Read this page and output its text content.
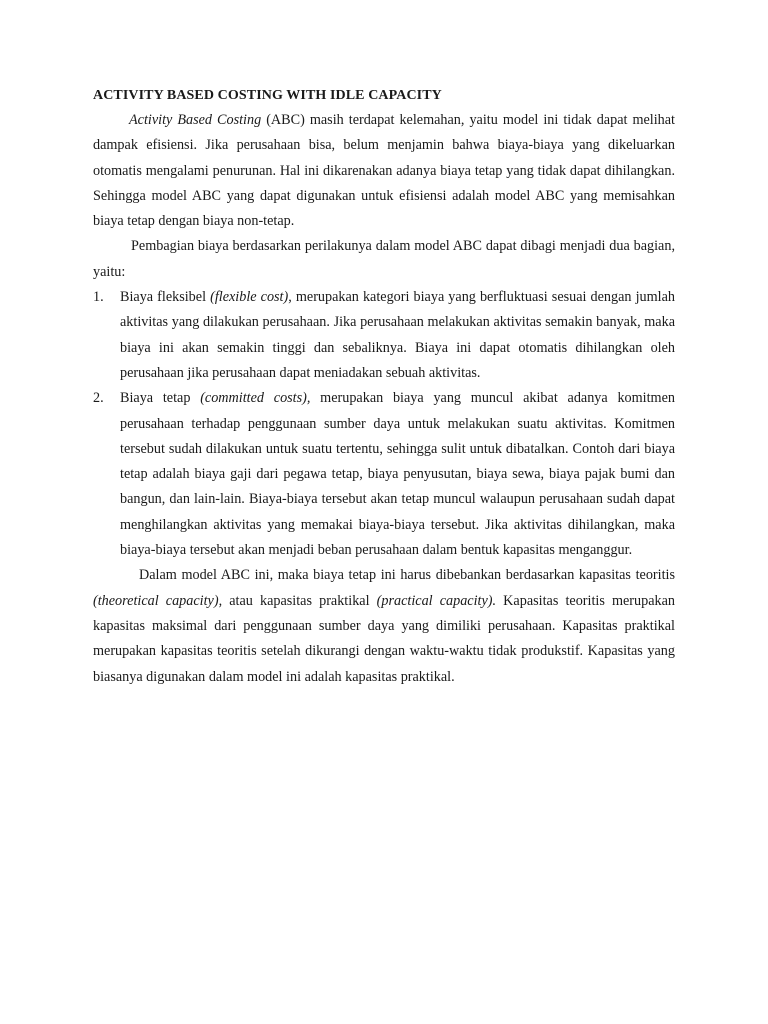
ACTIVITY BASED COSTING WITH IDLE CAPACITY

Activity Based Costing (ABC) masih terdapat kelemahan, yaitu model ini tidak dapat melihat dampak efisiensi. Jika perusahaan bisa, belum menjamin bahwa biaya-biaya yang dikeluarkan otomatis mengalami penurunan. Hal ini dikarenakan adanya biaya tetap yang tidak dapat dihilangkan. Sehingga model ABC yang dapat digunakan untuk efisiensi adalah model ABC yang memisahkan biaya tetap dengan biaya non-tetap.

Pembagian biaya berdasarkan perilakunya dalam model ABC dapat dibagi menjadi dua bagian, yaitu:

1. Biaya fleksibel (flexible cost), merupakan kategori biaya yang berfluktuasi sesuai dengan jumlah aktivitas yang dilakukan perusahaan. Jika perusahaan melakukan aktivitas semakin banyak, maka biaya ini akan semakin tinggi dan sebaliknya. Biaya ini dapat otomatis dihilangkan oleh perusahaan jika perusahaan dapat meniadakan sebuah aktivitas.
2. Biaya tetap (committed costs), merupakan biaya yang muncul akibat adanya komitmen perusahaan terhadap penggunaan sumber daya untuk melakukan suatu aktivitas. Komitmen tersebut sudah dilakukan untuk suatu tertentu, sehingga sulit untuk dibatalkan. Contoh dari biaya tetap adalah biaya gaji dari pegawa tetap, biaya penyusutan, biaya sewa, biaya pajak bumi dan bangun, dan lain-lain. Biaya-biaya tersebut akan tetap muncul walaupun perusahaan sudah dapat menghilangkan aktivitas yang memakai biaya-biaya tersebut. Jika aktivitas dihilangkan, maka biaya-biaya tersebut akan menjadi beban perusahaan dalam bentuk kapasitas menganggur.

Dalam model ABC ini, maka biaya tetap ini harus dibebankan berdasarkan kapasitas teoritis (theoretical capacity), atau kapasitas praktikal (practical capacity). Kapasitas teoritis merupakan kapasitas maksimal dari penggunaan sumber daya yang dimiliki perusahaan. Kapasitas praktikal merupakan kapasitas teoritis setelah dikurangi dengan waktu-waktu tidak produkstif. Kapasitas yang biasanya digunakan dalam model ini adalah kapasitas praktikal.
